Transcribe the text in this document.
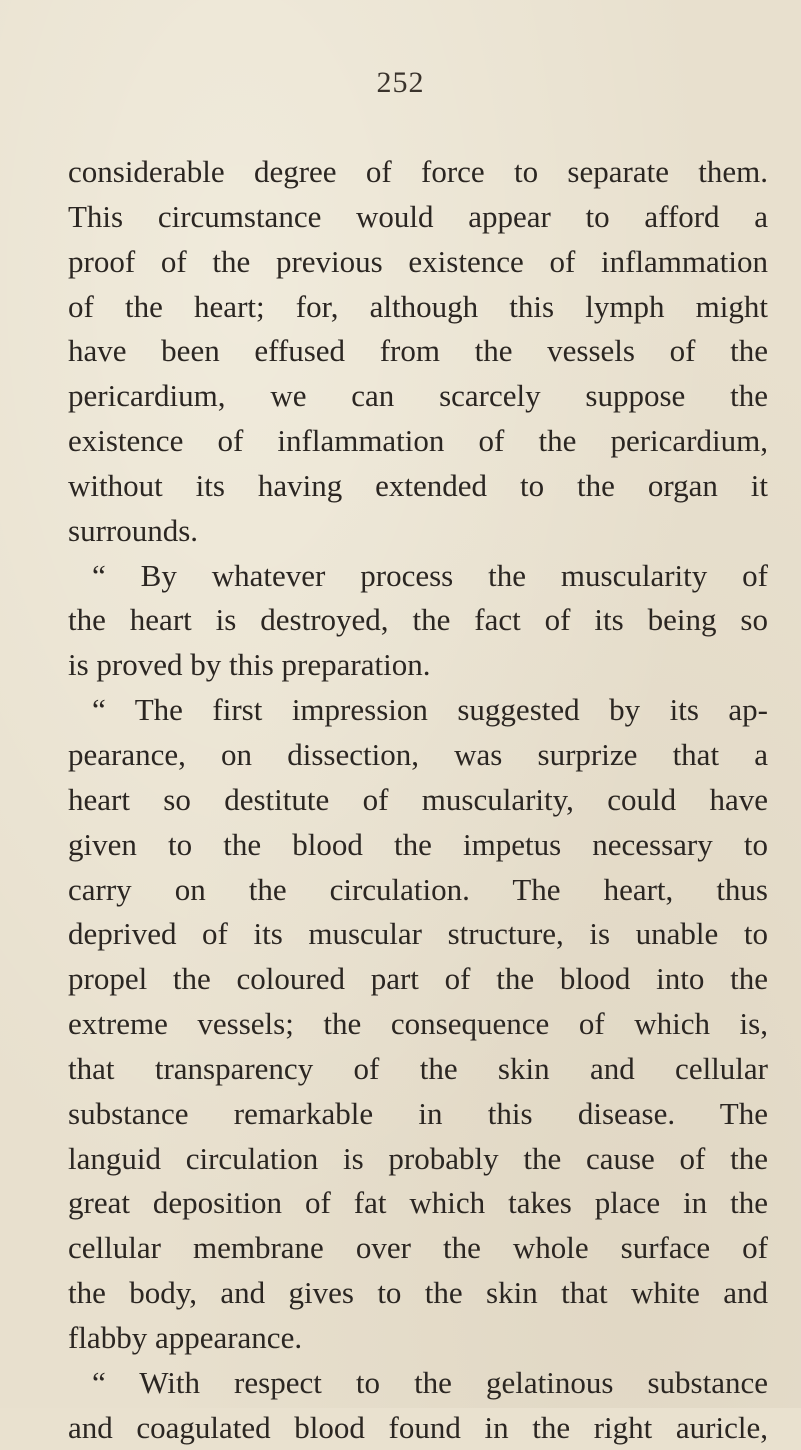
252

considerable degree of force to separate them.
This circumstance would appear to afford a
proof of the previous existence of inflammation
of the heart; for, although this lymph might
have been effused from the vessels of the
pericardium, we can scarcely suppose the
existence of inflammation of the pericardium,
without its having extended to the organ it
surrounds.
“ By whatever process the muscularity of
the heart is destroyed, the fact of its being so
is proved by this preparation.
“ The first impression suggested by its ap-
pearance, on dissection, was surprize that a
heart so destitute of muscularity, could have
given to the blood the impetus necessary to
carry on the circulation. The heart, thus
deprived of its muscular structure, is unable to
propel the coloured part of the blood into the
extreme vessels; the consequence of which is,
that transparency of the skin and cellular
substance remarkable in this disease. The
languid circulation is probably the cause of the
great deposition of fat which takes place in the
cellular membrane over the whole surface of
the body, and gives to the skin that white and
flabby appearance.
“ With respect to the gelatinous substance
and coagulated blood found in the right auricle,
